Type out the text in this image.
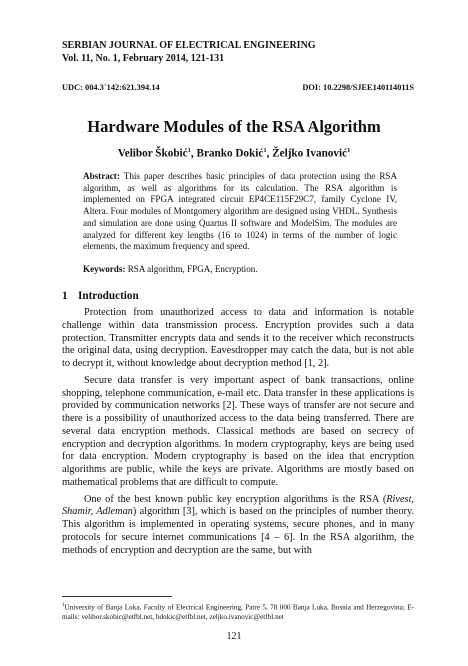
SERBIAN JOURNAL OF ELECTRICAL ENGINEERING
Vol. 11, No. 1, February 2014, 121-131
UDC: 004.3`142:621.394.14	DOI: 10.2298/SJEE140114011S
Hardware Modules of the RSA Algorithm
Velibor Škobić$^1$, Branko Dokić$^1$, Željko Ivanović$^1$
Abstract: This paper describes basic principles of data protection using the RSA algorithm, as well as algorithms for its calculation. The RSA algorithm is implemented on FPGA integrated circuit EP4CE115F29C7, family Cyclone IV, Altera. Four modules of Montgomery algorithm are designed using VHDL. Synthesis and simulation are done using Quartus II software and ModelSim. The modules are analyzed for different key lengths (16 to 1024) in terms of the number of logic elements, the maximum frequency and speed.
Keywords: RSA algorithm, FPGA, Encryption.
1 Introduction

Protection from unauthorized access to data and information is notable challenge within data transmission process. Encryption provides such a data protection. Transmitter encrypts data and sends it to the receiver which reconstructs the original data, using decryption. Eavesdropper may catch the data, but is not able to decrypt it, without knowledge about decryption method [1, 2].

Secure data transfer is very important aspect of bank transactions, online shopping, telephone communication, e-mail etc. Data transfer in these applications is provided by communication networks [2]. These ways of transfer are not secure and there is a possibility of unauthorized access to the data being transferred. There are several data encryption methods. Classical methods are based on secrecy of encryption and decryption algorithms. In modern cryptography, keys are being used for data encryption. Modern cryptography is based on the idea that encryption algorithms are public, while the keys are private. Algorithms are mostly based on mathematical problems that are difficult to compute.

One of the best known public key encryption algorithms is the RSA (Rivest, Shamir, Adleman) algorithm [3], which is based on the principles of number theory. This algorithm is implemented in operating systems, secure phones, and in many protocols for secure internet communications [4 – 6]. In the RSA algorithm, the methods of encryption and decryption are the same, but with

$^1$University of Banja Luka, Faculty of Electrical Engineering, Patre 5, 78 000 Banja Luka, Bosnia and Herzegovina; E-mails: velibor.skobic@etfbl.net, bdokic@etfbl.net, zeljko.ivanovic@etfbl.net
121
